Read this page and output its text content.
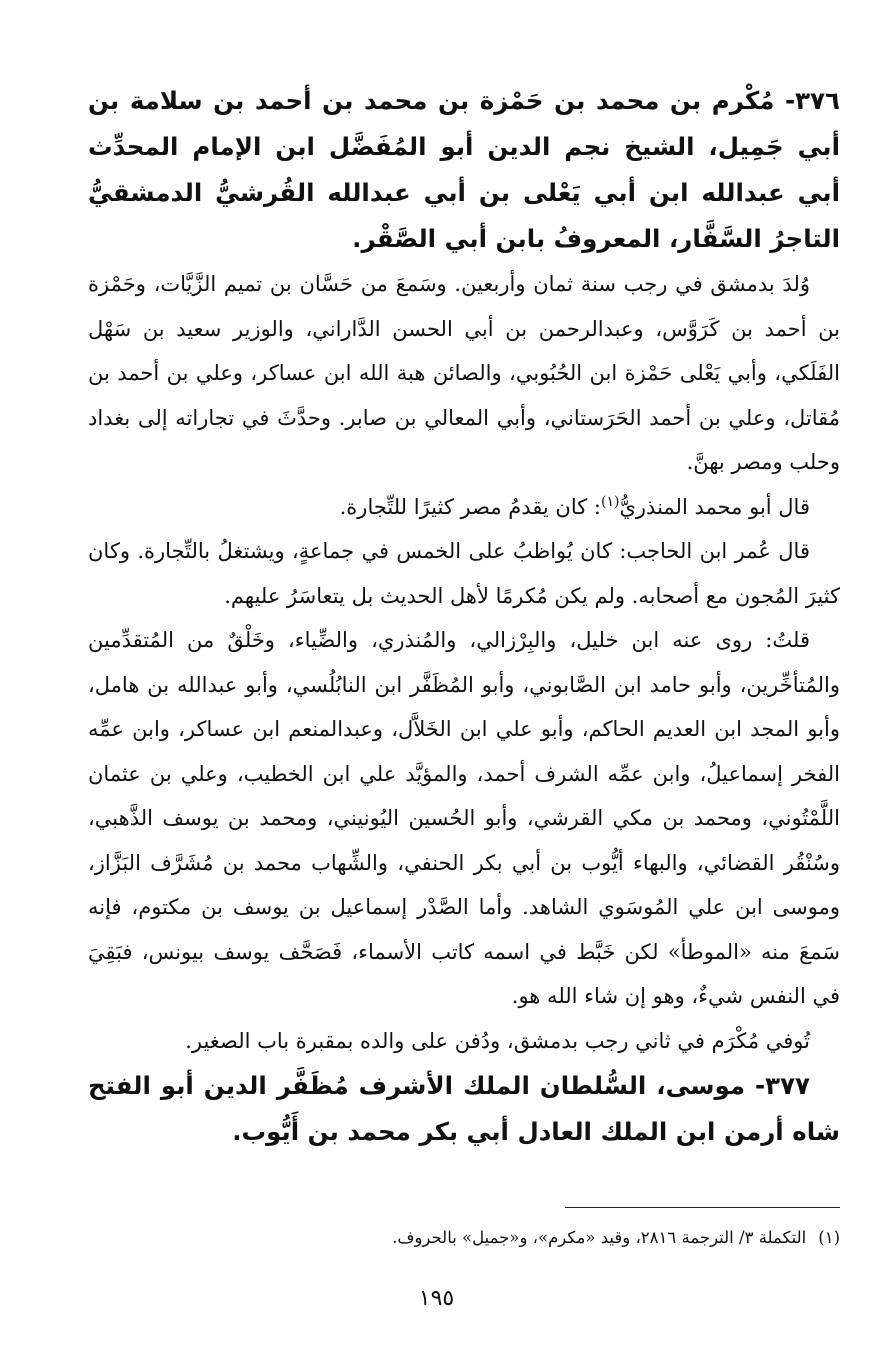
٣٧٦- مُكْرم بن محمد بن حَمْزة بن محمد بن أحمد بن سلامة بن أبي جَمِيل، الشيخ نجم الدين أبو المُفَضَّل ابن الإمام المحدِّث أبي عبدالله ابن أبي يَعْلى بن أبي عبدالله القُرشيُّ الدمشقيُّ التاجرُ السَّفَّار، المعروفُ بابن أبي الصَّقْر.

وُلدَ بدمشق في رجب سنة ثمان وأربعين. وسَمعَ من حَسَّان بن تميم الزَّيَّات، وحَمْزة بن أحمد بن كَرَوَّس، وعبدالرحمن بن أبي الحسن الدَّاراني، والوزير سعيد بن سَهْل الفَلَكي، وأبي يَعْلى حَمْزة ابن الحُبُوبي، والصائن هبة الله ابن عساكر، وعلي بن أحمد بن مُقاتل، وعلي بن أحمد الحَرَستاني، وأبي المعالي بن صابر. وحدَّثَ في تجاراته إلى بغداد وحلب ومصر بهنَّ.

قال أبو محمد المنذريُّ$^{(١)}$: كان يقدمُ مصر كثيرًا للتِّجارة.

قال عُمر ابن الحاجب: كان يُواظبُ على الخمس في جماعةٍ، ويشتغلُ بالتِّجارة. وكان كثيرَ المُجون مع أصحابه. ولم يكن مُكرمًا لأهل الحديث بل يتعاسَرُ عليهم.

قلتُ: روى عنه ابن خليل، والبِرْزالي، والمُنذري، والضِّياء، وخَلْقٌ من المُتقدِّمين والمُتأخِّرين، وأبو حامد ابن الصَّابوني، وأبو المُظَفَّر ابن النابُلُسي، وأبو عبدالله بن هامل، وأبو المجد ابن العديم الحاكم، وأبو علي ابن الخَلاَّل، وعبدالمنعم ابن عساكر، وابن عمِّه الفخر إسماعيلُ، وابن عمِّه الشرف أحمد، والمؤيَّد علي ابن الخطيب، وعلي بن عثمان اللَّمْتُوني، ومحمد بن مكي القرشي، وأبو الحُسين اليُونيني، ومحمد بن يوسف الذَّهبي، وسُنْقُر القضائي، والبهاء أيُّوب بن أبي بكر الحنفي، والشِّهاب محمد بن مُشَرَّف البَزَّاز، وموسى ابن علي المُوسَوي الشاهد. وأما الصَّدْر إسماعيل بن يوسف بن مكتوم، فإنه سَمعَ منه «الموطأ» لكن خَبَّط في اسمه كاتب الأسماء، فَصَحَّف يوسف بيونس، فبَقِيَ في النفس شيءٌ، وهو إن شاء الله هو.

تُوفي مُكْرَم في ثاني رجب بدمشق، ودُفن على والده بمقبرة باب الصغير.

٣٧٧- موسى، السُّلطان الملك الأشرف مُظَفَّر الدين أبو الفتح شاه أرمن ابن الملك العادل أبي بكر محمد بن أَيُّوب.

(١)التكملة ٣/ الترجمة ٢٨١٦، وقيد «مكرم»، و«جميل» بالحروف.
١٩٥
